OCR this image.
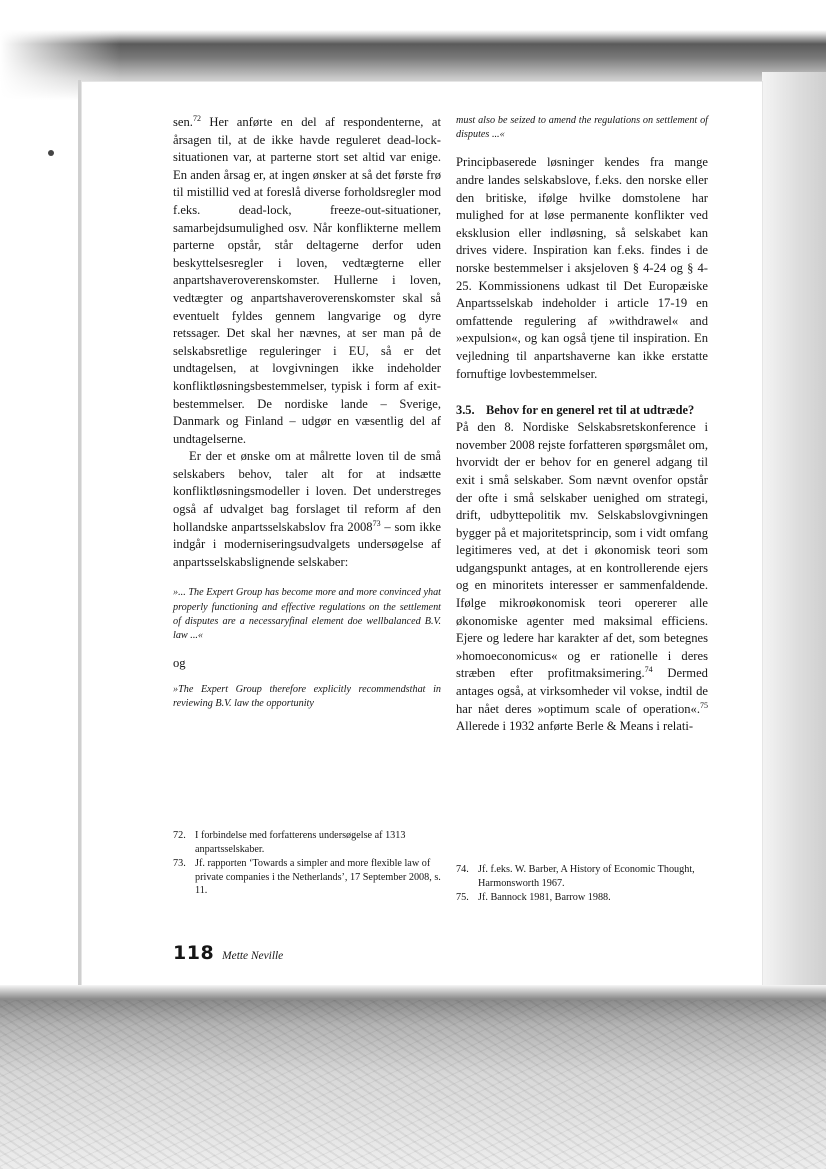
sen.$^{72}$ Her anførte en del af respondenterne, at årsagen til, at de ikke havde reguleret dead-lock-situationen var, at parterne stort set altid var enige. En anden årsag er, at ingen ønsker at så det første frø til mistillid ved at foreslå diverse forholdsregler mod f.eks. dead-lock, freeze-out-situationer, samarbejdsumulighed osv. Når konflikterne mellem parterne opstår, står deltagerne derfor uden beskyttelsesregler i loven, vedtægterne eller anpartshaveroverenskomster. Hullerne i loven, vedtægter og anpartshaveroverenskomster skal så eventuelt fyldes gennem langvarige og dyre retssager. Det skal her nævnes, at ser man på de selskabsretlige reguleringer i EU, så er det undtagelsen, at lovgivningen ikke indeholder konfliktløsningsbestemmelser, typisk i form af exit-bestemmelser. De nordiske lande – Sverige, Danmark og Finland – udgør en væsentlig del af undtagelserne.

Er der et ønske om at målrette loven til de små selskabers behov, taler alt for at indsætte konfliktløsningsmodeller i loven. Det understreges også af udvalget bag forslaget til reform af den hollandske anpartsselskabslov fra 2008$^{73}$ – som ikke indgår i moderniseringsudvalgets undersøgelse af anpartsselskabslignende selskaber:

»... The Expert Group has become more and more convinced yhat properly functioning and effective regulations on the settlement of disputes are a necessaryfinal element doe wellbalanced B.V. law ...«

og

»The Expert Group therefore explicitly recommendsthat in reviewing B.V. law the opportunity

must also be seized to amend the regulations on settlement of disputes ...«

Principbaserede løsninger kendes fra mange andre landes selskabslove, f.eks. den norske eller den britiske, ifølge hvilke domstolene har mulighed for at løse permanente konflikter ved eksklusion eller indløsning, så selskabet kan drives videre. Inspiration kan f.eks. findes i de norske bestemmelser i aksjeloven § 4-24 og § 4-25. Kommissionens udkast til Det Europæiske Anpartsselskab indeholder i article 17-19 en omfattende regulering af »withdrawel« and »expulsion«, og kan også tjene til inspiration. En vejledning til anpartshaverne kan ikke erstatte fornuftige lovbestemmelser.

3.5. Behov for en generel ret til at udtræde?

På den 8. Nordiske Selskabsretskonference i november 2008 rejste forfatteren spørgsmålet om, hvorvidt der er behov for en generel adgang til exit i små selskaber. Som nævnt ovenfor opstår der ofte i små selskaber uenighed om strategi, drift, udbyttepolitik mv. Selskabslovgivningen bygger på et majoritetsprincip, som i vidt omfang legitimeres ved, at det i økonomisk teori som udgangspunkt antages, at en kontrollerende ejers og en minoritets interesser er sammenfaldende. Ifølge mikroøkonomisk teori opererer alle økonomiske agenter med maksimal efficiens. Ejere og ledere har karakter af det, som betegnes »homoeconomicus« og er rationelle i deres stræben efter profitmaksimering.$^{74}$ Dermed antages også, at virksomheder vil vokse, indtil de har nået deres »optimum scale of operation«.$^{75}$ Allerede i 1932 anførte Berle & Means i relati-

72. I forbindelse med forfatterens undersøgelse af 1313 anpartsselskaber.
73. Jf. rapporten ‘Towards a simpler and more flexible law of private companies i the Netherlands’, 17 September 2008, s. 11.
74. Jf. f.eks. W. Barber, A History of Economic Thought, Harmonsworth 1967.
75. Jf. Bannock 1981, Barrow 1988.
118 Mette Neville
